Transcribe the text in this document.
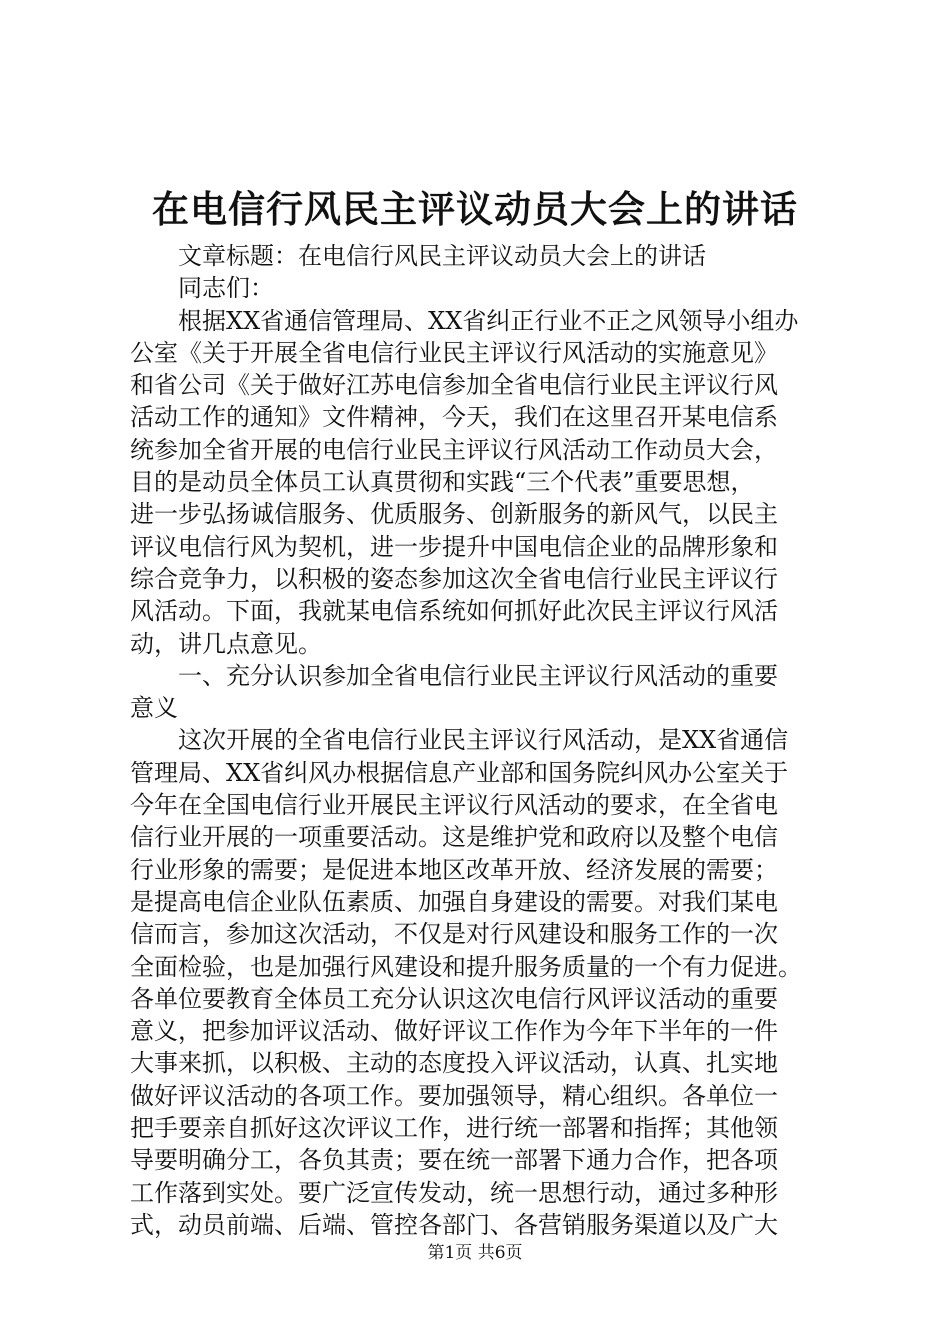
在电信行风民主评议动员大会上的讲话
文章标题：在电信行风民主评议动员大会上的讲话
同志们：
根据XX省通信管理局、XX省纠正行业不正之风领导小组办
公室《关于开展全省电信行业民主评议行风活动的实施意见》
和省公司《关于做好江苏电信参加全省电信行业民主评议行风
活动工作的通知》文件精神，今天，我们在这里召开某电信系
统参加全省开展的电信行业民主评议行风活动工作动员大会，
目的是动员全体员工认真贯彻和实践“三个代表”重要思想，
进一步弘扬诚信服务、优质服务、创新服务的新风气，以民主
评议电信行风为契机，进一步提升中国电信企业的品牌形象和
综合竞争力，以积极的姿态参加这次全省电信行业民主评议行
风活动。下面，我就某电信系统如何抓好此次民主评议行风活
动，讲几点意见。
一、充分认识参加全省电信行业民主评议行风活动的重要
意义
这次开展的全省电信行业民主评议行风活动，是XX省通信
管理局、XX省纠风办根据信息产业部和国务院纠风办公室关于
今年在全国电信行业开展民主评议行风活动的要求，在全省电
信行业开展的一项重要活动。这是维护党和政府以及整个电信
行业形象的需要；是促进本地区改革开放、经济发展的需要；
是提高电信企业队伍素质、加强自身建设的需要。对我们某电
信而言，参加这次活动，不仅是对行风建设和服务工作的一次
全面检验，也是加强行风建设和提升服务质量的一个有力促进。
各单位要教育全体员工充分认识这次电信行风评议活动的重要
意义，把参加评议活动、做好评议工作作为今年下半年的一件
大事来抓，以积极、主动的态度投入评议活动，认真、扎实地
做好评议活动的各项工作。要加强领导，精心组织。各单位一
把手要亲自抓好这次评议工作，进行统一部署和指挥；其他领
导要明确分工，各负其责；要在统一部署下通力合作，把各项
工作落到实处。要广泛宣传发动，统一思想行动，通过多种形
式，动员前端、后端、管控各部门、各营销服务渠道以及广大
第1页 共6页
